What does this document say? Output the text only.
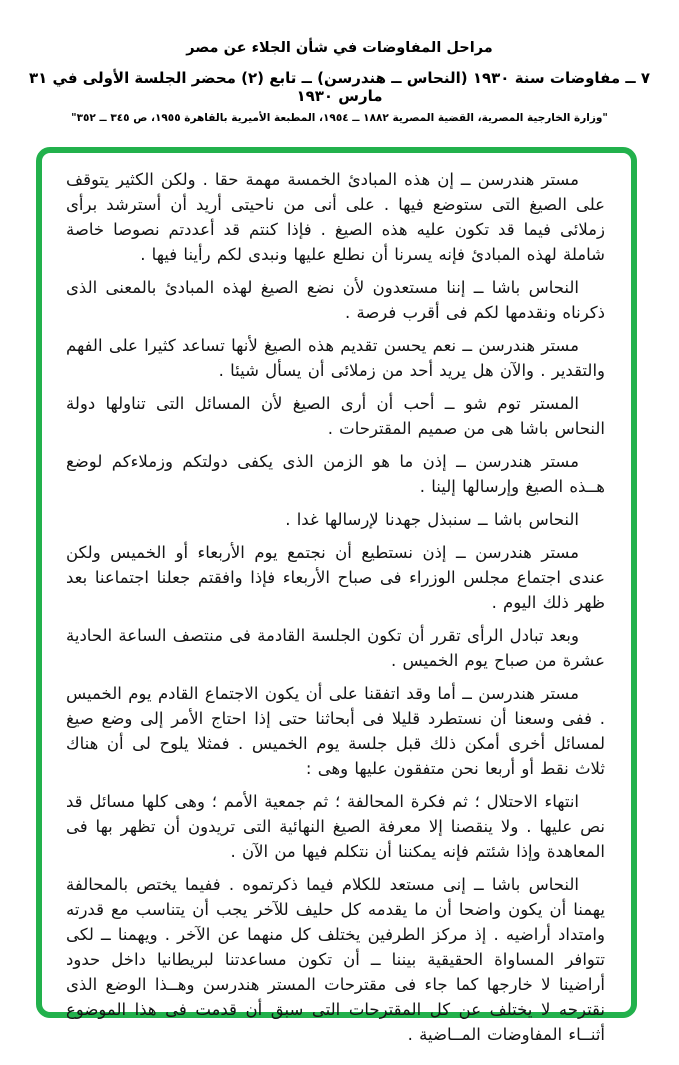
مراحل المفاوضات في شأن الجلاء عن مصر
٧ ــ مفاوضات سنة ١٩٣٠ (النحاس ــ هندرسن) ــ تابع (٢) محضر الجلسة الأولى في ٣١ مارس ١٩٣٠
"وزارة الخارجية المصرية، القضية المصرية ١٨٨٢ ــ ١٩٥٤، المطبعة الأميرية بالقاهرة ١٩٥٥، ص ٣٤٥ ــ ٣٥٢"

مستر هندرسن ــ إن هذه المبادئ الخمسة مهمة حقا . ولكن الكثير يتوقف على الصيغ التى ستوضع فيها . على أنى من ناحيتى أريد أن أسترشد برأى زملائى فيما قد تكون عليه هذه الصيغ . فإذا كنتم قد أعددتم نصوصا خاصة شاملة لهذه المبادئ فإنه يسرنا أن نطلع عليها ونبدى لكم رأينا فيها .

النحاس باشا ــ إننا مستعدون لأن نضع الصيغ لهذه المبادئ بالمعنى الذى ذكرناه ونقدمها لكم فى أقرب فرصة .

مستر هندرسن ــ نعم يحسن تقديم هذه الصيغ لأنها تساعد كثيرا على الفهم والتقدير . والآن هل يريد أحد من زملائى أن يسأل شيئا .

المستر توم شو ــ أحب أن أرى الصيغ لأن المسائل التى تناولها دولة النحاس باشا هى من صميم المقترحات .

مستر هندرسن ــ إذن ما هو الزمن الذى يكفى دولتكم وزملاءكم لوضع هــذه الصيغ وإرسالها إلينا .

النحاس باشا ــ سنبذل جهدنا لإرسالها غدا .

مستر هندرسن ــ إذن نستطيع أن نجتمع يوم الأربعاء أو الخميس ولكن عندى اجتماع مجلس الوزراء فى صباح الأربعاء فإذا وافقتم جعلنا اجتماعنا بعد ظهر ذلك اليوم .

وبعد تبادل الرأى تقرر أن تكون الجلسة القادمة فى منتصف الساعة الحادية عشرة من صباح يوم الخميس .

مستر هندرسن ــ أما وقد اتفقنا على أن يكون الاجتماع القادم يوم الخميس . ففى وسعنا أن نستطرد قليلا فى أبحاثنا حتى إذا احتاج الأمر إلى وضع صيغ لمسائل أخرى أمكن ذلك قبل جلسة يوم الخميس . فمثلا يلوح لى أن هناك ثلاث نقط أو أربعا نحن متفقون عليها وهى :

انتهاء الاحتلال ؛ ثم فكرة المحالفة ؛ ثم جمعية الأمم ؛ وهى كلها مسائل قد نص عليها . ولا ينقصنا إلا معرفة الصيغ النهائية التى تريدون أن تظهر بها فى المعاهدة وإذا شئتم فإنه يمكننا أن نتكلم فيها من الآن .

النحاس باشا ــ إنى مستعد للكلام فيما ذكرتموه . ففيما يختص بالمحالفة يهمنا أن يكون واضحا أن ما يقدمه كل حليف للآخر يجب أن يتناسب مع قدرته وامتداد أراضيه . إذ مركز الطرفين يختلف كل منهما عن الآخر . ويهمنا ــ لكى تتوافر المساواة الحقيقية بيننا ــ أن تكون مساعدتنا لبريطانيا داخل حدود أراضينا لا خارجها كما جاء فى مقترحات المستر هندرسن وهــذا الوضع الذى نقترحه لا يختلف عن كل المقترحات التى سبق أن قدمت فى هذا الموضوع أثنــاء المفاوضات المــاضية .
